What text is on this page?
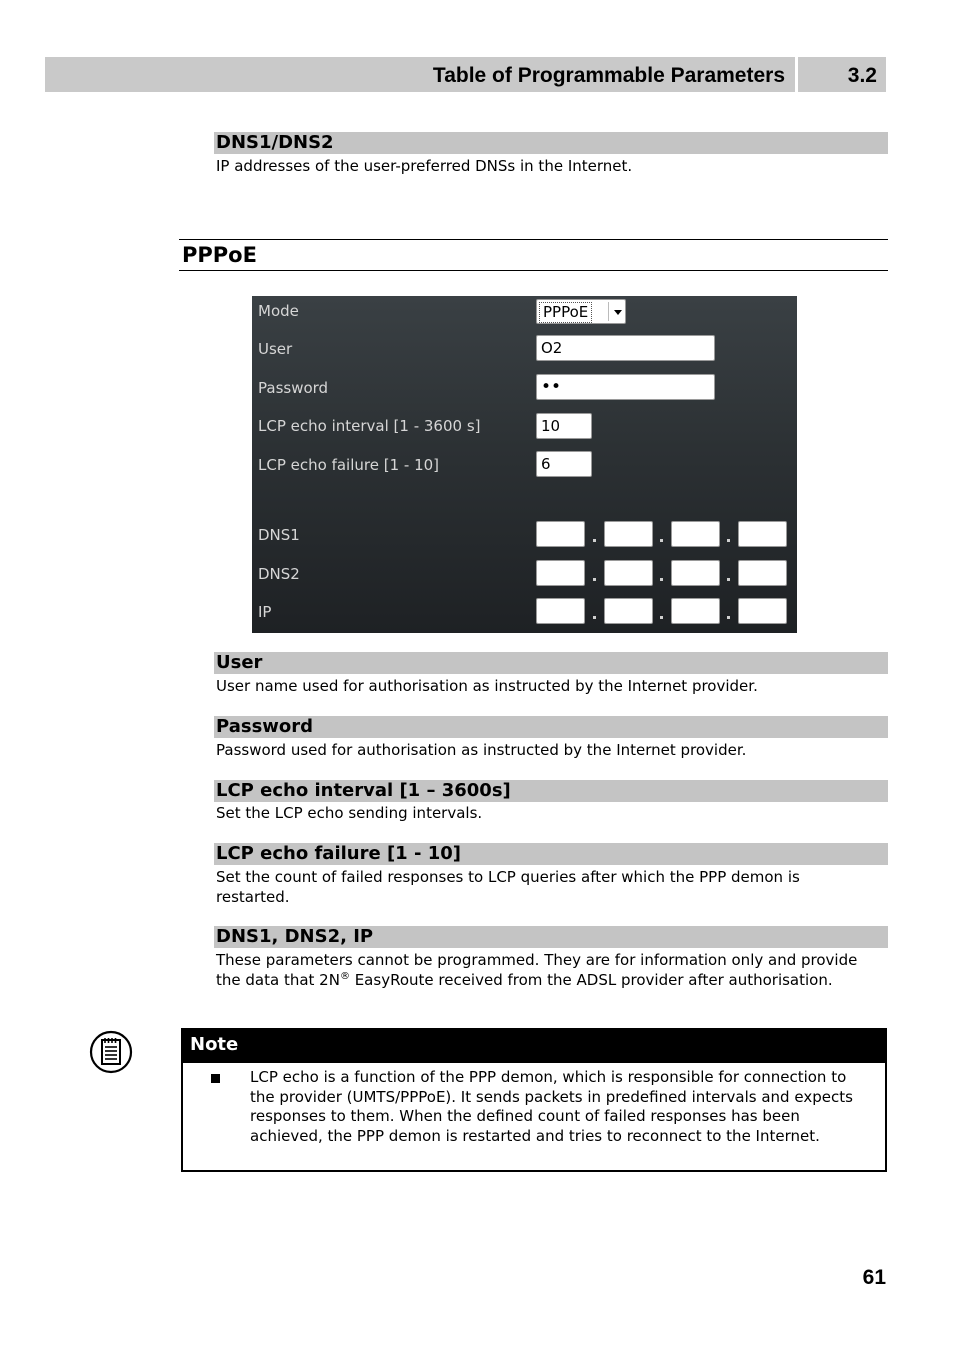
Table of Programmable Parameters	3.2
DNS1/DNS2
IP addresses of the user-preferred DNSs in the Internet.
PPPoE
Mode	PPPoE
User	O2
Password	••
LCP echo interval [1 - 3600 s]	10
LCP echo failure [1 - 10]	6
DNS1
DNS2
IP
User
User name used for authorisation as instructed by the Internet provider.
Password
Password used for authorisation as instructed by the Internet provider.
LCP echo interval [1 – 3600s]
Set the LCP echo sending intervals.
LCP echo failure [1 - 10]
Set the count of failed responses to LCP queries after which the PPP demon is restarted.
DNS1, DNS2, IP
These parameters cannot be programmed. They are for information only and provide the data that 2N® EasyRoute received from the ADSL provider after authorisation.
Note
LCP echo is a function of the PPP demon, which is responsible for connection to the provider (UMTS/PPPoE). It sends packets in predefined intervals and expects responses to them. When the defined count of failed responses has been achieved, the PPP demon is restarted and tries to reconnect to the Internet.
61
